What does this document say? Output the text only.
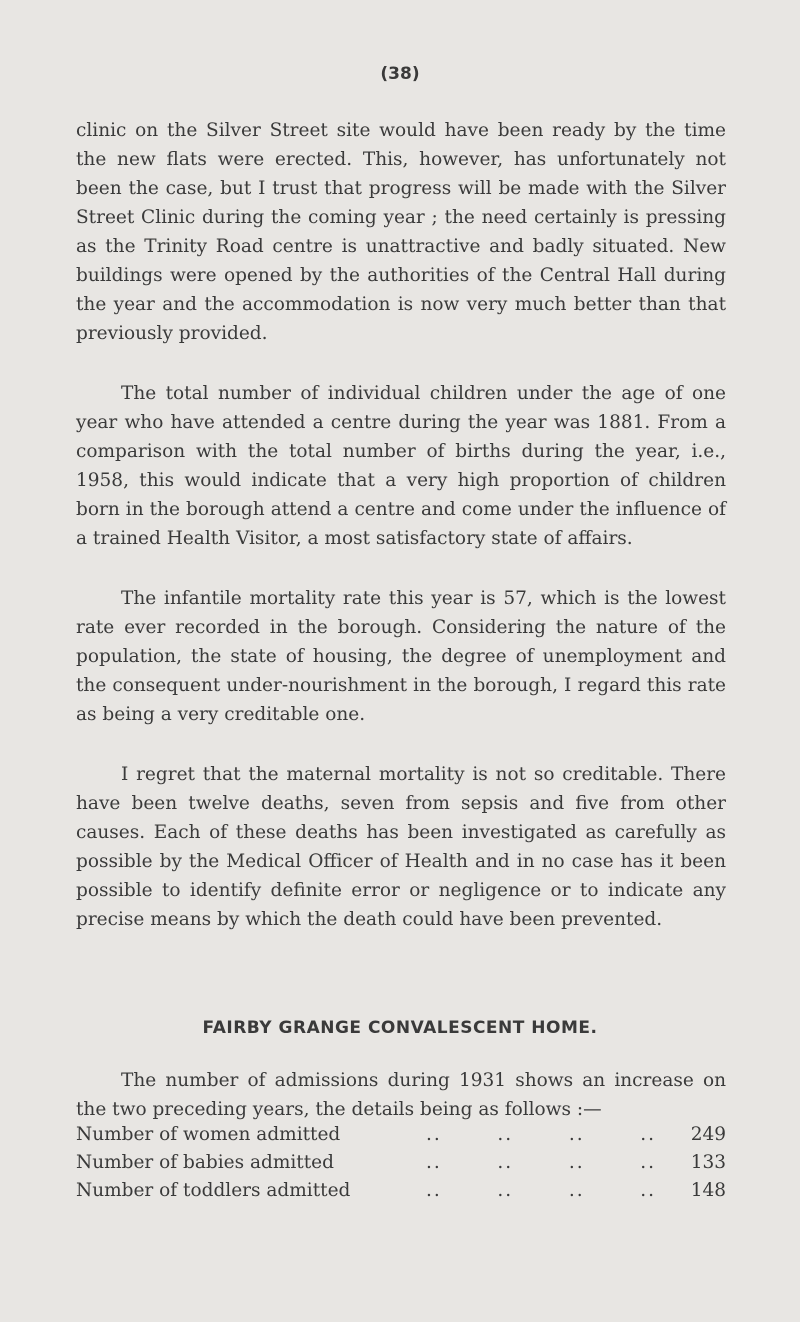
(38)

clinic on the Silver Street site would have been ready by the time the new flats were erected. This, however, has unfortunately not been the case, but I trust that progress will be made with the Silver Street Clinic during the coming year ; the need certainly is pressing as the Trinity Road centre is unattractive and badly situated. New buildings were opened by the authorities of the Central Hall during the year and the accommodation is now very much better than that previously provided.

The total number of individual children under the age of one year who have attended a centre during the year was 1881. From a comparison with the total number of births during the year, i.e., 1958, this would indicate that a very high proportion of children born in the borough attend a centre and come under the influence of a trained Health Visitor, a most satisfactory state of affairs.

The infantile mortality rate this year is 57, which is the lowest rate ever recorded in the borough. Considering the nature of the population, the state of housing, the degree of unemployment and the consequent under-nourishment in the borough, I regard this rate as being a very creditable one.

I regret that the maternal mortality is not so creditable. There have been twelve deaths, seven from sepsis and five from other causes. Each of these deaths has been investigated as carefully as possible by the Medical Officer of Health and in no case has it been possible to identify definite error or negligence or to indicate any precise means by which the death could have been prevented.

FAIRBY GRANGE CONVALESCENT HOME.

The number of admissions during 1931 shows an increase on the two preceding years, the details being as follows :—

Number of women admitted	..	..	..	..	249
Number of babies admitted	..	..	..	..	133
Number of toddlers admitted	..	..	..	..	148
